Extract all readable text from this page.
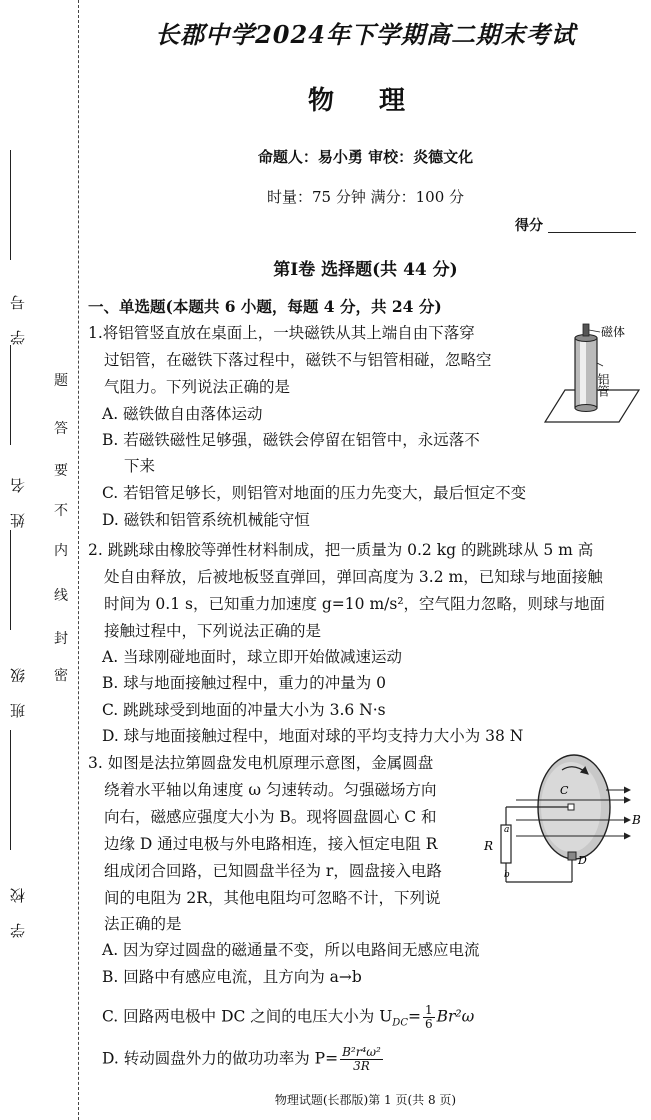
学号
姓名
班级
学校
题
答
要
不
内
线
封
密
长郡中学2024年下学期高二期末考试
物 理
命题人：易小勇 审校：炎德文化
时量：75 分钟 满分：100 分
得分
第Ⅰ卷 选择题(共 44 分)
一、单选题(本题共 6 小题，每题 4 分，共 24 分)
1.将铝管竖直放在桌面上，一块磁铁从其上端自由下落穿
过铝管，在磁铁下落过程中，磁铁不与铝管相碰，忽略空
气阻力。下列说法正确的是
A. 磁铁做自由落体运动
B. 若磁铁磁性足够强，磁铁会停留在铝管中，永远落不
下来
C. 若铝管足够长，则铝管对地面的压力先变大，最后恒定不变
D. 磁铁和铝管系统机械能守恒
磁体
铝管
2. 跳跳球由橡胶等弹性材料制成，把一质量为 0.2 kg 的跳跳球从 5 m 高
处自由释放，后被地板竖直弹回，弹回高度为 3.2 m，已知球与地面接触
时间为 0.1 s，已知重力加速度 g=10 m/s²，空气阻力忽略，则球与地面
接触过程中，下列说法正确的是
A. 当球刚碰地面时，球立即开始做减速运动
B. 球与地面接触过程中，重力的冲量为 0
C. 跳跳球受到地面的冲量大小为 3.6 N·s
D. 球与地面接触过程中，地面对球的平均支持力大小为 38 N
3. 如图是法拉第圆盘发电机原理示意图，金属圆盘
绕着水平轴以角速度 ω 匀速转动。匀强磁场方向
向右，磁感应强度大小为 B。现将圆盘圆心 C 和
边缘 D 通过电极与外电路相连，接入恒定电阻 R
组成闭合回路，已知圆盘半径为 r，圆盘接入电路
间的电阻为 2R，其他电阻均可忽略不计，下列说
法正确的是
A. 因为穿过圆盘的磁通量不变，所以电路间无感应电流
B. 回路中有感应电流，且方向为 a→b
C. 回路两电极中 DC 之间的电压大小为 $U_{DC}= \frac{1}{6} Br^2\omega$
D. 转动圆盘外力的做功功率为 $P= \frac{\text{B²r⁴ω²}}{3R}$
C
D
B
R
a
b
物理试题(长郡版)第 1 页(共 8 页)
